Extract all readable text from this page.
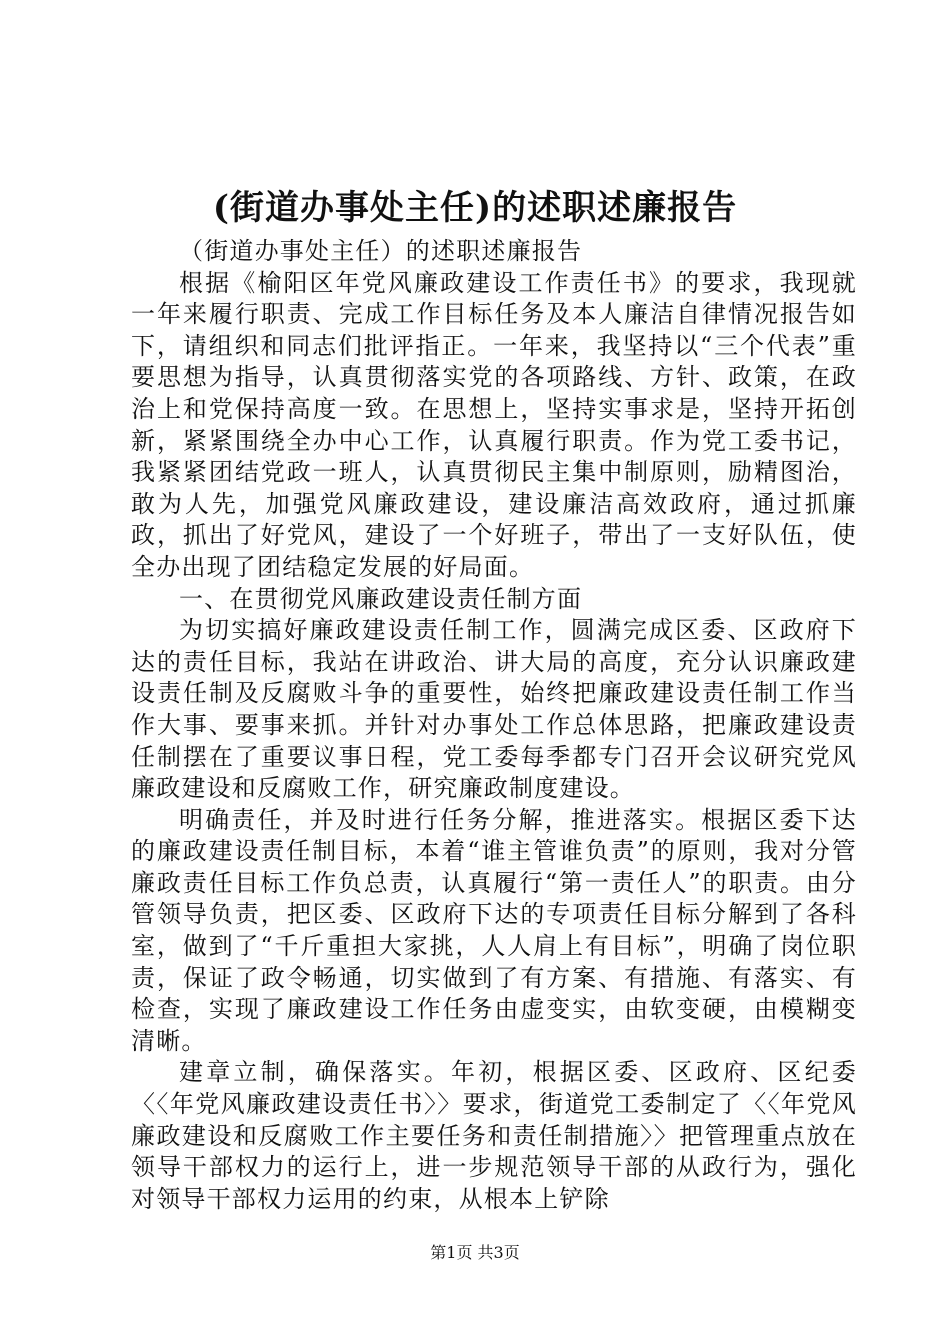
(街道办事处主任)的述职述廉报告

（街道办事处主任）的述职述廉报告

根据《榆阳区年党风廉政建设工作责任书》的要求，我现就一年来履行职责、完成工作目标任务及本人廉洁自律情况报告如下，请组织和同志们批评指正。一年来，我坚持以“三个代表”重要思想为指导，认真贯彻落实党的各项路线、方针、政策，在政治上和党保持高度一致。在思想上，坚持实事求是，坚持开拓创新，紧紧围绕全办中心工作，认真履行职责。作为党工委书记，我紧紧团结党政一班人，认真贯彻民主集中制原则，励精图治，敢为人先，加强党风廉政建设，建设廉洁高效政府，通过抓廉政，抓出了好党风，建设了一个好班子，带出了一支好队伍，使全办出现了团结稳定发展的好局面。

一、在贯彻党风廉政建设责任制方面

为切实搞好廉政建设责任制工作，圆满完成区委、区政府下达的责任目标，我站在讲政治、讲大局的高度，充分认识廉政建设责任制及反腐败斗争的重要性，始终把廉政建设责任制工作当作大事、要事来抓。并针对办事处工作总体思路，把廉政建设责任制摆在了重要议事日程，党工委每季都专门召开会议研究党风廉政建设和反腐败工作，研究廉政制度建设。

明确责任，并及时进行任务分解，推进落实。根据区委下达的廉政建设责任制目标，本着“谁主管谁负责”的原则，我对分管廉政责任目标工作负总责，认真履行“第一责任人”的职责。由分管领导负责，把区委、区政府下达的专项责任目标分解到了各科室，做到了“千斤重担大家挑，人人肩上有目标”，明确了岗位职责，保证了政令畅通，切实做到了有方案、有措施、有落实、有检查，实现了廉政建设工作任务由虚变实，由软变硬，由模糊变清晰。

建章立制，确保落实。年初，根据区委、区政府、区纪委〈〈年党风廉政建设责任书〉〉要求，街道党工委制定了〈〈年党风廉政建设和反腐败工作主要任务和责任制措施〉〉把管理重点放在领导干部权力的运行上，进一步规范领导干部的从政行为，强化对领导干部权力运用的约束，从根本上铲除

第1页 共3页
